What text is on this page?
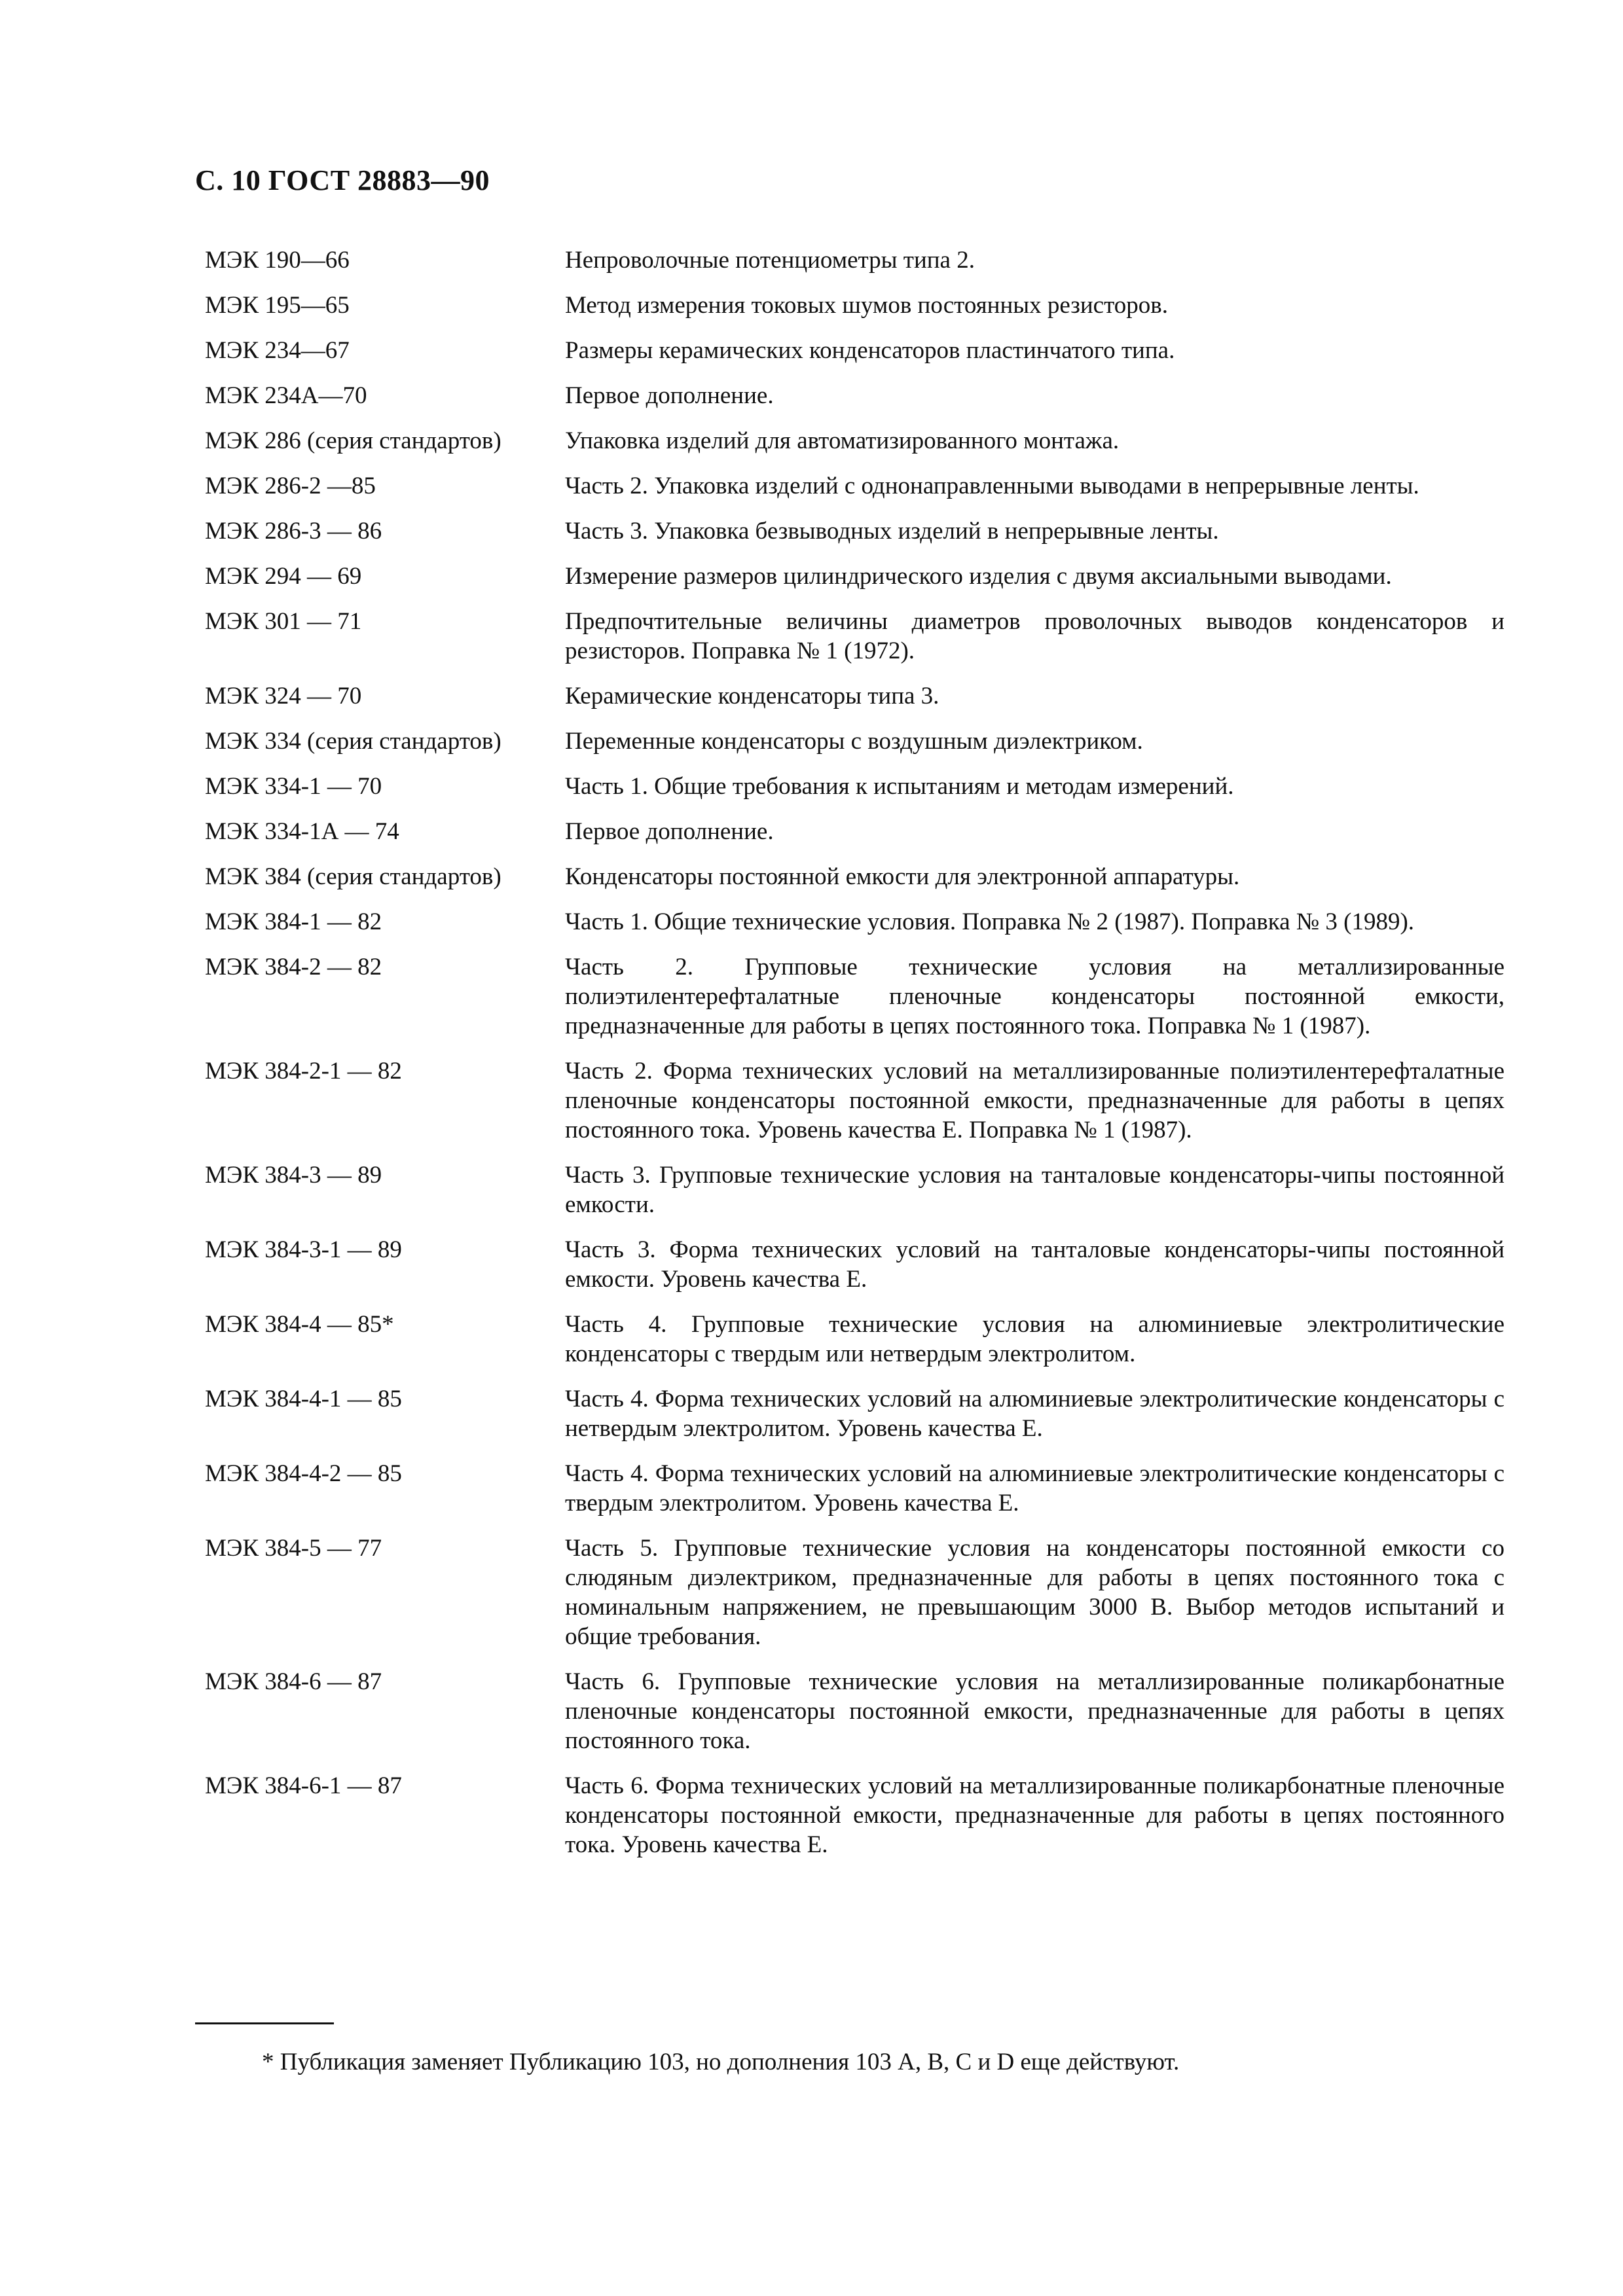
С. 10 ГОСТ 28883—90
МЭК 190—66	Непроволочные потенциометры типа 2.
МЭК 195—65	Метод измерения токовых шумов постоянных резисторов.
МЭК 234—67	Размеры керамических конденсаторов пластинчатого типа.
МЭК 234А—70	Первое дополнение.
МЭК 286 (серия стандартов)	Упаковка изделий для автоматизированного монтажа.
МЭК 286-2 —85	Часть 2. Упаковка изделий с однонаправленными выводами в непрерывные ленты.
МЭК 286-3 — 86	Часть 3. Упаковка безвыводных изделий в непрерывные ленты.
МЭК 294 — 69	Измерение размеров цилиндрического изделия с двумя аксиальными выводами.
МЭК 301 — 71	Предпочтительные величины диаметров проволочных выводов конденсаторов и резисторов. Поправка № 1 (1972).
МЭК 324 — 70	Керамические конденсаторы типа 3.
МЭК 334 (серия стандартов)	Переменные конденсаторы с воздушным диэлектриком.
МЭК 334-1 — 70	Часть 1. Общие требования к испытаниям и методам измерений.
МЭК 334-1А — 74	Первое дополнение.
МЭК 384 (серия стандартов)	Конденсаторы постоянной емкости для электронной аппаратуры.
МЭК 384-1 — 82	Часть 1. Общие технические условия. Поправка № 2 (1987). Поправка № 3 (1989).
МЭК 384-2 — 82	Часть 2. Групповые технические условия на металлизированные полиэтилентерефталатные пленочные конденсаторы постоянной емкости, предназначенные для работы в цепях постоянного тока. Поправка № 1 (1987).
МЭК 384-2-1 — 82	Часть 2. Форма технических условий на металлизированные полиэтилентерефталатные пленочные конденсаторы постоянной емкости, предназначенные для работы в цепях постоянного тока. Уровень качества Е. Поправка № 1 (1987).
МЭК 384-3 — 89	Часть 3. Групповые технические условия на танталовые конденсаторы-чипы постоянной емкости.
МЭК 384-3-1 — 89	Часть 3. Форма технических условий на танталовые конденсаторы-чипы постоянной емкости. Уровень качества Е.
МЭК 384-4 — 85*	Часть 4. Групповые технические условия на алюминиевые электролитические конденсаторы с твердым или нетвердым электролитом.
МЭК 384-4-1 — 85	Часть 4. Форма технических условий на алюминиевые электролитические конденсаторы с нетвердым электролитом. Уровень качества Е.
МЭК 384-4-2 — 85	Часть 4. Форма технических условий на алюминиевые электролитические конденсаторы с твердым электролитом. Уровень качества Е.
МЭК 384-5 — 77	Часть 5. Групповые технические условия на конденсаторы постоянной емкости со слюдяным диэлектриком, предназначенные для работы в цепях постоянного тока с номинальным напряжением, не превышающим 3000 В. Выбор методов испытаний и общие требования.
МЭК 384-6 — 87	Часть 6. Групповые технические условия на металлизированные поликарбонатные пленочные конденсаторы постоянной емкости, предназначенные для работы в цепях постоянного тока.
МЭК 384-6-1 — 87	Часть 6. Форма технических условий на металлизированные поликарбонатные пленочные конденсаторы постоянной емкости, предназначенные для работы в цепях постоянного тока. Уровень качества Е.
* Публикация заменяет Публикацию 103, но дополнения 103 А, В, С и D еще действуют.
